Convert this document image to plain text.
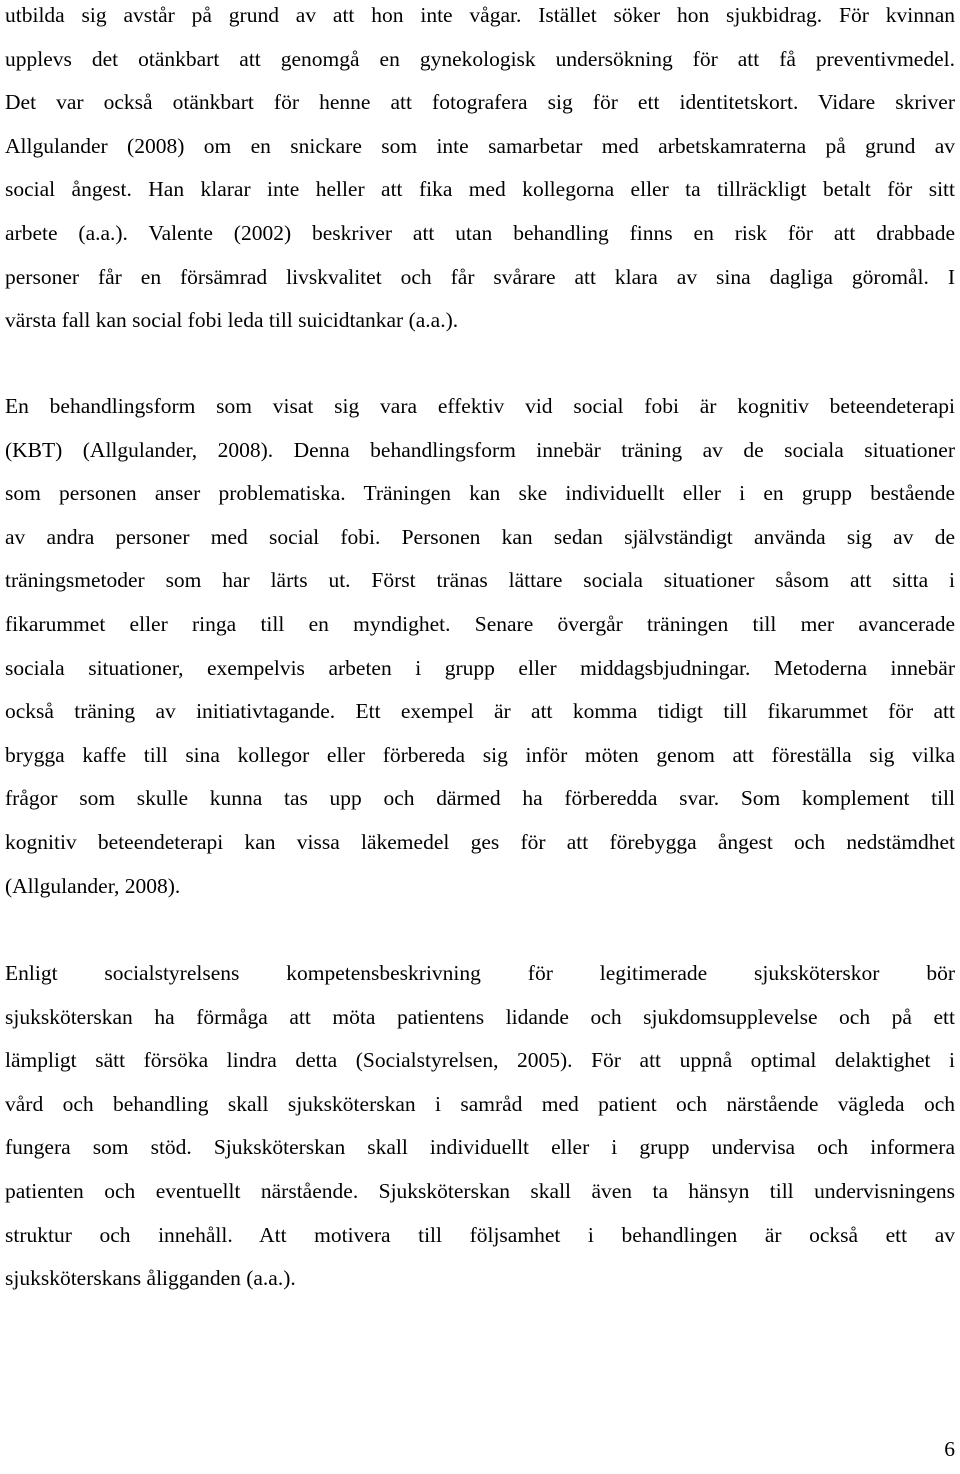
utbilda sig avstår på grund av att hon inte vågar. Istället söker hon sjukbidrag. För kvinnan
upplevs det otänkbart att genomgå en gynekologisk undersökning för att få preventivmedel.
Det var också otänkbart för henne att fotografera sig för ett identitetskort. Vidare skriver
Allgulander (2008) om en snickare som inte samarbetar med arbetskamraterna på grund av
social ångest. Han klarar inte heller att fika med kollegorna eller ta tillräckligt betalt för sitt
arbete (a.a.). Valente (2002) beskriver att utan behandling finns en risk för att drabbade
personer får en försämrad livskvalitet och får svårare att klara av sina dagliga göromål. I
värsta fall kan social fobi leda till suicidtankar (a.a.).
En behandlingsform som visat sig vara effektiv vid social fobi är kognitiv beteendeterapi
(KBT) (Allgulander, 2008). Denna behandlingsform innebär träning av de sociala situationer
som personen anser problematiska. Träningen kan ske individuellt eller i en grupp bestående
av andra personer med social fobi. Personen kan sedan självständigt använda sig av de
träningsmetoder som har lärts ut. Först tränas lättare sociala situationer såsom att sitta i
fikarummet eller ringa till en myndighet. Senare övergår träningen till mer avancerade
sociala situationer, exempelvis arbeten i grupp eller middagsbjudningar. Metoderna innebär
också träning av initiativtagande. Ett exempel är att komma tidigt till fikarummet för att
brygga kaffe till sina kollegor eller förbereda sig inför möten genom att föreställa sig vilka
frågor som skulle kunna tas upp och därmed ha förberedda svar. Som komplement till
kognitiv beteendeterapi kan vissa läkemedel ges för att förebygga ångest och nedstämdhet
(Allgulander, 2008).
Enligt socialstyrelsens kompetensbeskrivning för legitimerade sjuksköterskor bör
sjuksköterskan ha förmåga att möta patientens lidande och sjukdomsupplevelse och på ett
lämpligt sätt försöka lindra detta (Socialstyrelsen, 2005). För att uppnå optimal delaktighet i
vård och behandling skall sjuksköterskan i samråd med patient och närstående vägleda och
fungera som stöd. Sjuksköterskan skall individuellt eller i grupp undervisa och informera
patienten och eventuellt närstående. Sjuksköterskan skall även ta hänsyn till undervisningens
struktur och innehåll. Att motivera till följsamhet i behandlingen är också ett av
sjuksköterskans åligganden (a.a.).
6
